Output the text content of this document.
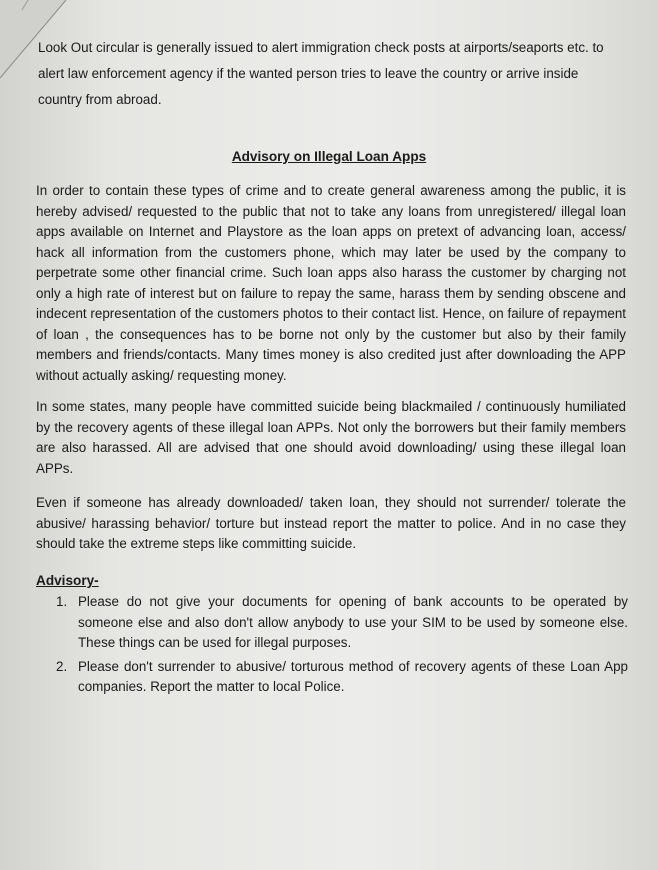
Look Out circular is generally issued to alert immigration check posts at airports/seaports etc. to alert law enforcement agency if the wanted person tries to leave the country or arrive inside country from abroad.
Advisory on Illegal Loan Apps
In order to contain these types of crime and to create general awareness among the public, it is hereby advised/ requested to the public that not to take any loans from unregistered/ illegal loan apps available on Internet and Playstore as the loan apps on pretext of advancing loan, access/ hack all information from the customers phone, which may later be used by the company to perpetrate some other financial crime. Such loan apps also harass the customer by charging not only a high rate of interest but on failure to repay the same, harass them by sending obscene and indecent representation of the customers photos to their contact list. Hence, on failure of repayment of loan , the consequences has to be borne not only by the customer but also by their family members and friends/contacts. Many times money is also credited just after downloading the APP without actually asking/ requesting money.
In some states, many people have committed suicide being blackmailed / continuously humiliated by the recovery agents of these illegal loan APPs. Not only the borrowers but their family members are also harassed. All are advised that one should avoid downloading/ using these illegal loan APPs.
Even if someone has already downloaded/ taken loan, they should not surrender/ tolerate the abusive/ harassing behavior/ torture but instead report the matter to police. And in no case they should take the extreme steps like committing suicide.
Advisory-
1. Please do not give your documents for opening of bank accounts to be operated by someone else and also don't allow anybody to use your SIM to be used by someone else. These things can be used for illegal purposes.
2. Please don't surrender to abusive/ torturous method of recovery agents of these Loan App companies. Report the matter to local Police.
